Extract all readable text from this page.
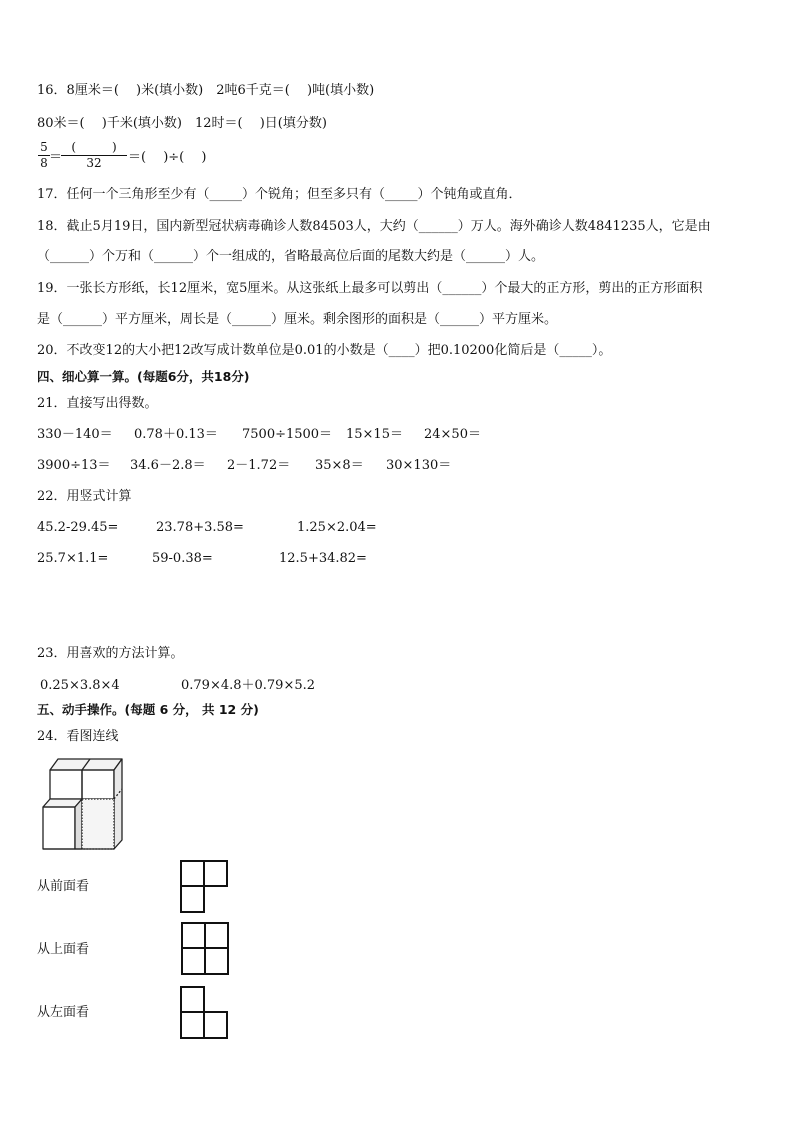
16．8厘米＝(　 )米(填小数)　2吨6千克＝(　 )吨(填小数)
80米＝(　 )千米(填小数)　12时＝(　 )日(填分数)
5
8 ＝
(　　　)
32	＝(　 )÷(　 )
17．任何一个三角形至少有（_____）个锐角；但至多只有（_____）个钝角或直角．
18．截止5月19日，国内新型冠状病毒确诊人数84503人，大约（______）万人。海外确诊人数4841235人，它是由
（______）个万和（______）个一组成的，省略最高位后面的尾数大约是（______）人。
19．一张长方形纸，长12厘米，宽5厘米。从这张纸上最多可以剪出（______）个最大的正方形，剪出的正方形面积
是（______）平方厘米，周长是（______）厘米。剩余图形的面积是（______）平方厘米。
20．不改变12的大小把12改写成计数单位是0.01的小数是（____）把0.10200化简后是（_____）。
四、细心算一算。(每题6分，共18分)
21．直接写出得数。
330－140＝ 0.78＋0.13＝ 7500÷1500＝ 15×15＝ 24×50＝
3900÷13＝ 34.6－2.8＝ 2－1.72＝ 35×8＝ 30×130＝
22．用竖式计算
45.2-29.45=	23.78+3.58=	1.25×2.04=
25.7×1.1=	59-0.38=	12.5+34.82=
23．用喜欢的方法计算。
0.25×3.8×4	0.79×4.8＋0.79×5.2
五、动手操作。(每题 6 分， 共 12 分)
24．看图连线
从前面看
从上面看
从左面看
